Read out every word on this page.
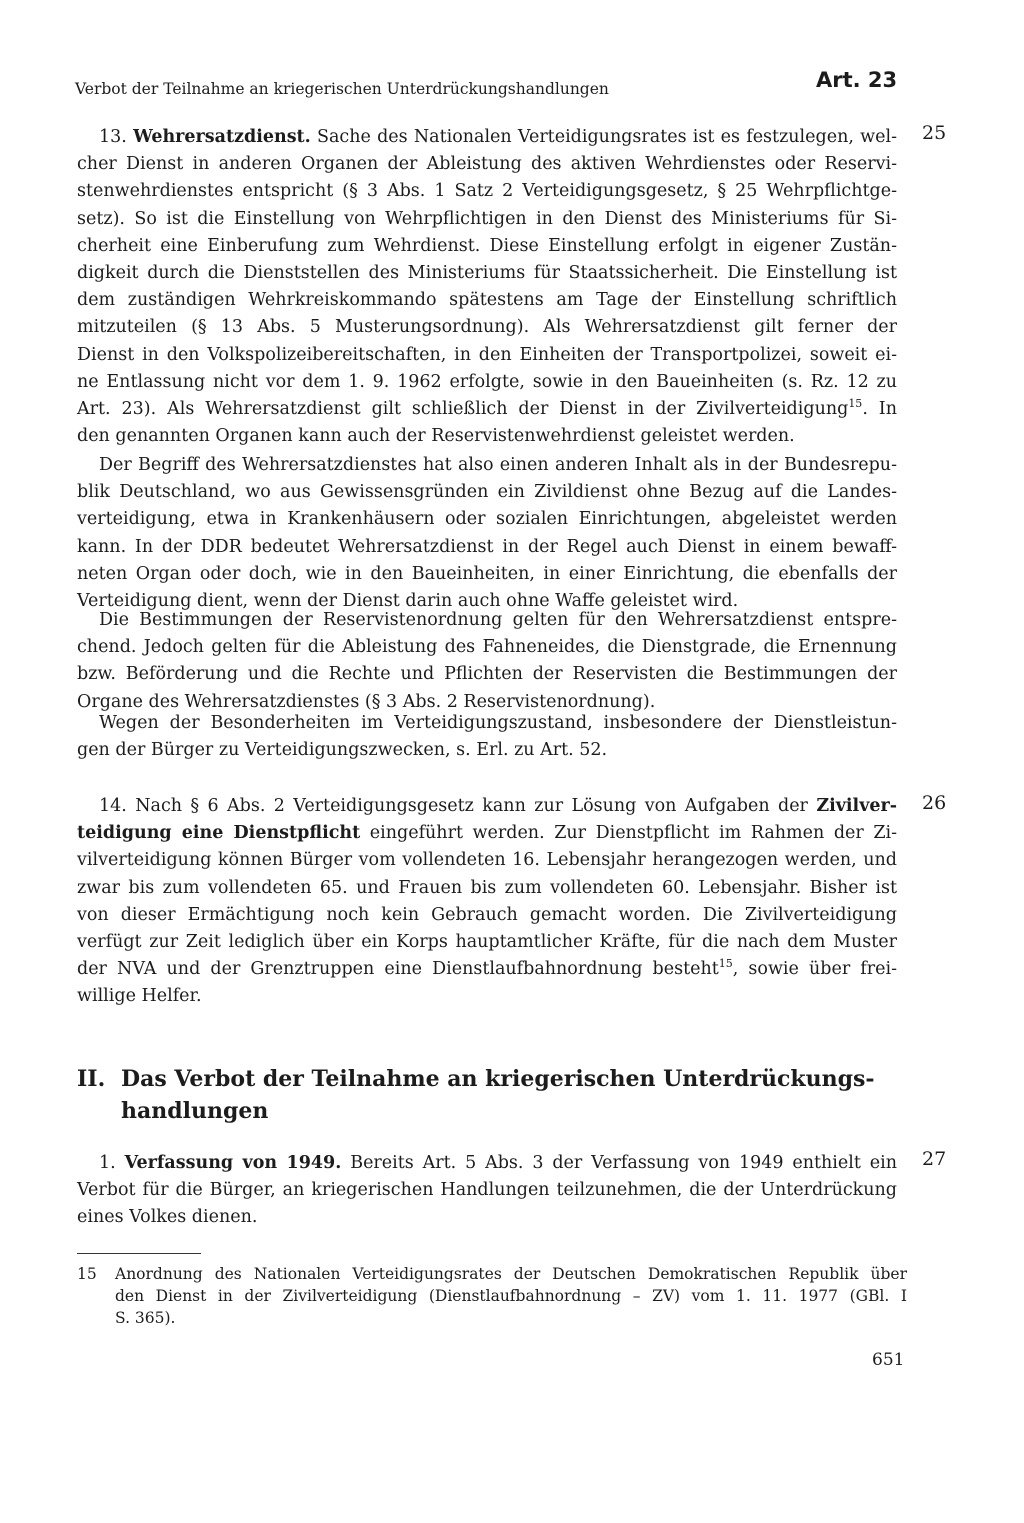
Verbot der Teilnahme an kriegerischen Unterdrückungshandlungen	Art. 23
25
13. Wehrersatzdienst. Sache des Nationalen Verteidigungsrates ist es festzulegen, wel-
cher Dienst in anderen Organen der Ableistung des aktiven Wehrdienstes oder Reservi-
stenwehrdienstes entspricht (§ 3 Abs. 1 Satz 2 Verteidigungsgesetz, § 25 Wehrpflichtge-
setz). So ist die Einstellung von Wehrpflichtigen in den Dienst des Ministeriums für Si-
cherheit eine Einberufung zum Wehrdienst. Diese Einstellung erfolgt in eigener Zustän-
digkeit durch die Dienststellen des Ministeriums für Staatssicherheit. Die Einstellung ist
dem zuständigen Wehrkreiskommando spätestens am Tage der Einstellung schriftlich
mitzuteilen (§ 13 Abs. 5 Musterungsordnung). Als Wehrersatzdienst gilt ferner der
Dienst in den Volkspolizeibereitschaften, in den Einheiten der Transportpolizei, soweit ei-
ne Entlassung nicht vor dem 1. 9. 1962 erfolgte, sowie in den Baueinheiten (s. Rz. 12 zu
Art. 23). Als Wehrersatzdienst gilt schließlich der Dienst in der Zivilverteidigung$^{15}$. In
den genannten Organen kann auch der Reservistenwehrdienst geleistet werden.
Der Begriff des Wehrersatzdienstes hat also einen anderen Inhalt als in der Bundesrepu-
blik Deutschland, wo aus Gewissensgründen ein Zivildienst ohne Bezug auf die Landes-
verteidigung, etwa in Krankenhäusern oder sozialen Einrichtungen, abgeleistet werden
kann. In der DDR bedeutet Wehrersatzdienst in der Regel auch Dienst in einem bewaff-
neten Organ oder doch, wie in den Baueinheiten, in einer Einrichtung, die ebenfalls der
Verteidigung dient, wenn der Dienst darin auch ohne Waffe geleistet wird.
Die Bestimmungen der Reservistenordnung gelten für den Wehrersatzdienst entspre-
chend. Jedoch gelten für die Ableistung des Fahneneides, die Dienstgrade, die Ernennung
bzw. Beförderung und die Rechte und Pflichten der Reservisten die Bestimmungen der
Organe des Wehrersatzdienstes (§ 3 Abs. 2 Reservistenordnung).
Wegen der Besonderheiten im Verteidigungszustand, insbesondere der Dienstleistun-
gen der Bürger zu Verteidigungszwecken, s. Erl. zu Art. 52.
26
14. Nach § 6 Abs. 2 Verteidigungsgesetz kann zur Lösung von Aufgaben der Zivilver-
teidigung eine Dienstpflicht eingeführt werden. Zur Dienstpflicht im Rahmen der Zi-
vilverteidigung können Bürger vom vollendeten 16. Lebensjahr herangezogen werden, und
zwar bis zum vollendeten 65. und Frauen bis zum vollendeten 60. Lebensjahr. Bisher ist
von dieser Ermächtigung noch kein Gebrauch gemacht worden. Die Zivilverteidigung
verfügt zur Zeit lediglich über ein Korps hauptamtlicher Kräfte, für die nach dem Muster
der NVA und der Grenztruppen eine Dienstlaufbahnordnung besteht$^{15}$, sowie über frei-
willige Helfer.
II. Das Verbot der Teilnahme an kriegerischen Unterdrückungs-
handlungen
27
1. Verfassung von 1949. Bereits Art. 5 Abs. 3 der Verfassung von 1949 enthielt ein
Verbot für die Bürger, an kriegerischen Handlungen teilzunehmen, die der Unterdrückung
eines Volkes dienen.
15 Anordnung des Nationalen Verteidigungsrates der Deutschen Demokratischen Republik über
den Dienst in der Zivilverteidigung (Dienstlaufbahnordnung – ZV) vom 1. 11. 1977 (GBl. I
S. 365).
651
